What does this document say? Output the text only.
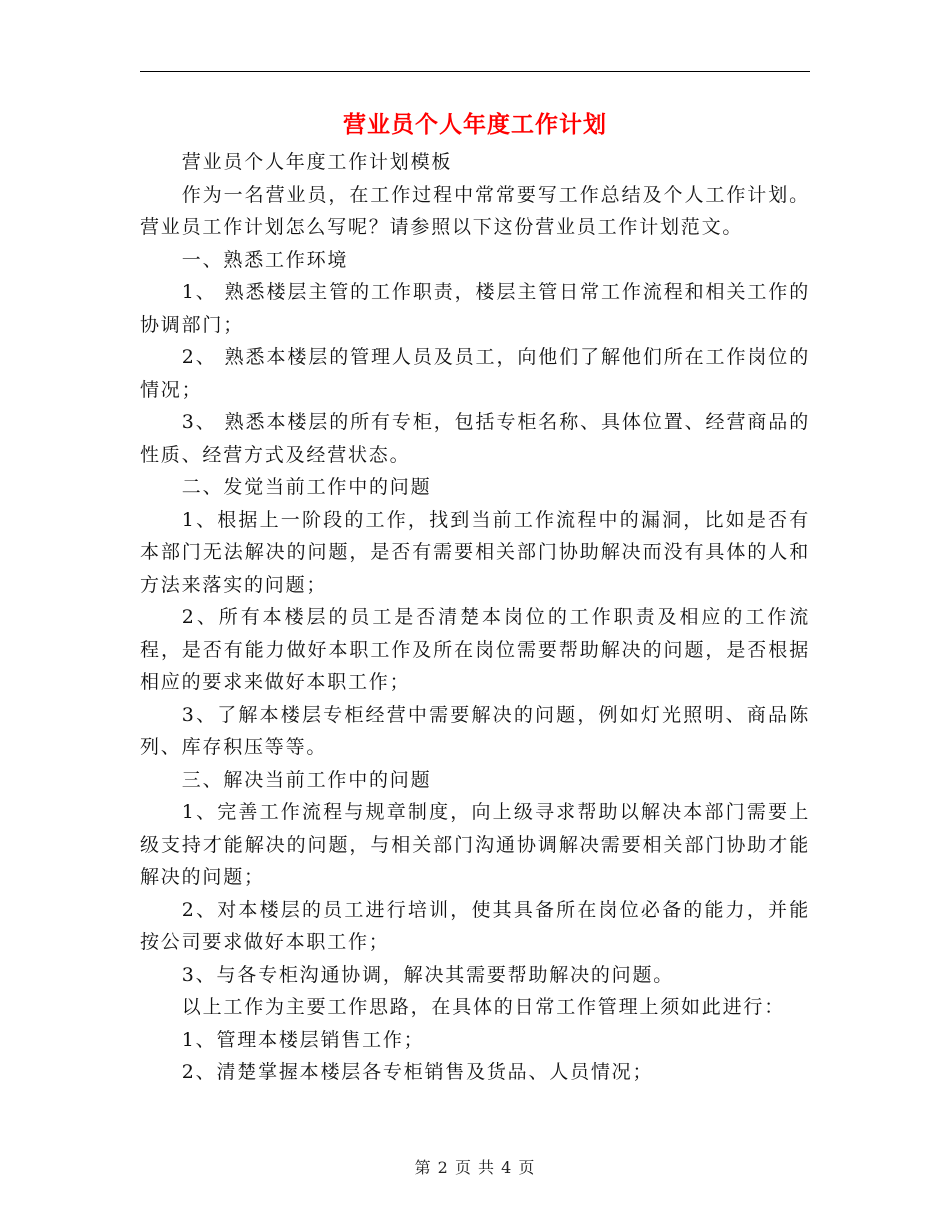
营业员个人年度工作计划

营业员个人年度工作计划模板

作为一名营业员，在工作过程中常常要写工作总结及个人工作计划。营业员工作计划怎么写呢？请参照以下这份营业员工作计划范文。

一、熟悉工作环境

1、 熟悉楼层主管的工作职责，楼层主管日常工作流程和相关工作的协调部门；

2、 熟悉本楼层的管理人员及员工，向他们了解他们所在工作岗位的情况；

3、 熟悉本楼层的所有专柜，包括专柜名称、具体位置、经营商品的性质、经营方式及经营状态。

二、发觉当前工作中的问题

1、根据上一阶段的工作，找到当前工作流程中的漏洞，比如是否有本部门无法解决的问题，是否有需要相关部门协助解决而没有具体的人和方法来落实的问题；

2、所有本楼层的员工是否清楚本岗位的工作职责及相应的工作流程，是否有能力做好本职工作及所在岗位需要帮助解决的问题，是否根据相应的要求来做好本职工作；

3、了解本楼层专柜经营中需要解决的问题，例如灯光照明、商品陈列、库存积压等等。

三、解决当前工作中的问题

1、完善工作流程与规章制度，向上级寻求帮助以解决本部门需要上级支持才能解决的问题，与相关部门沟通协调解决需要相关部门协助才能解决的问题；

2、对本楼层的员工进行培训，使其具备所在岗位必备的能力，并能按公司要求做好本职工作；

3、与各专柜沟通协调，解决其需要帮助解决的问题。

以上工作为主要工作思路，在具体的日常工作管理上须如此进行：

1、管理本楼层销售工作；

2、清楚掌握本楼层各专柜销售及货品、人员情况；

第 2 页 共 4 页
